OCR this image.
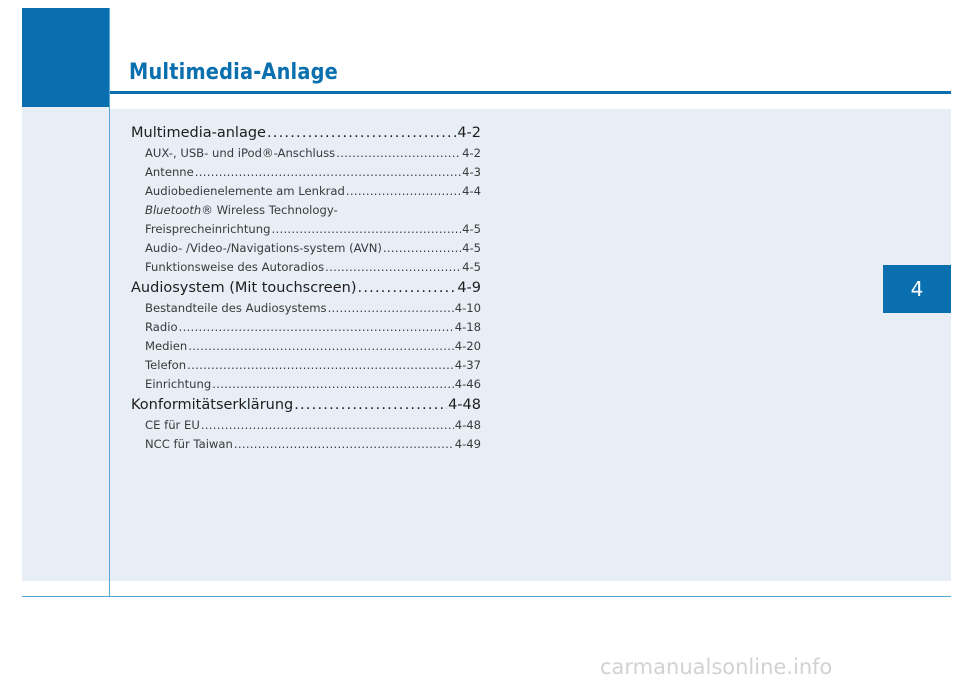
Multimedia-Anlage
4
Multimedia-anlage .....	4-2
AUX-, USB- und iPod®-Anschluss .....	4-2
Antenne .....	4-3
Audiobedienelemente am Lenkrad .....	4-4
Bluetooth® Wireless Technology-
Freisprecheinrichtung .....	4-5
Audio- /Video-/Navigations-system (AVN) .....	4-5
Funktionsweise des Autoradios .....	4-5
Audiosystem (Mit touchscreen) .....	4-9
Bestandteile des Audiosystems .....	4-10
Radio .....	4-18
Medien .....	4-20
Telefon .....	4-37
Einrichtung .....	4-46
Konformitätserklärung .....	4-48
CE für EU .....	4-48
NCC für Taiwan .....	4-49
carmanualsonline.info
